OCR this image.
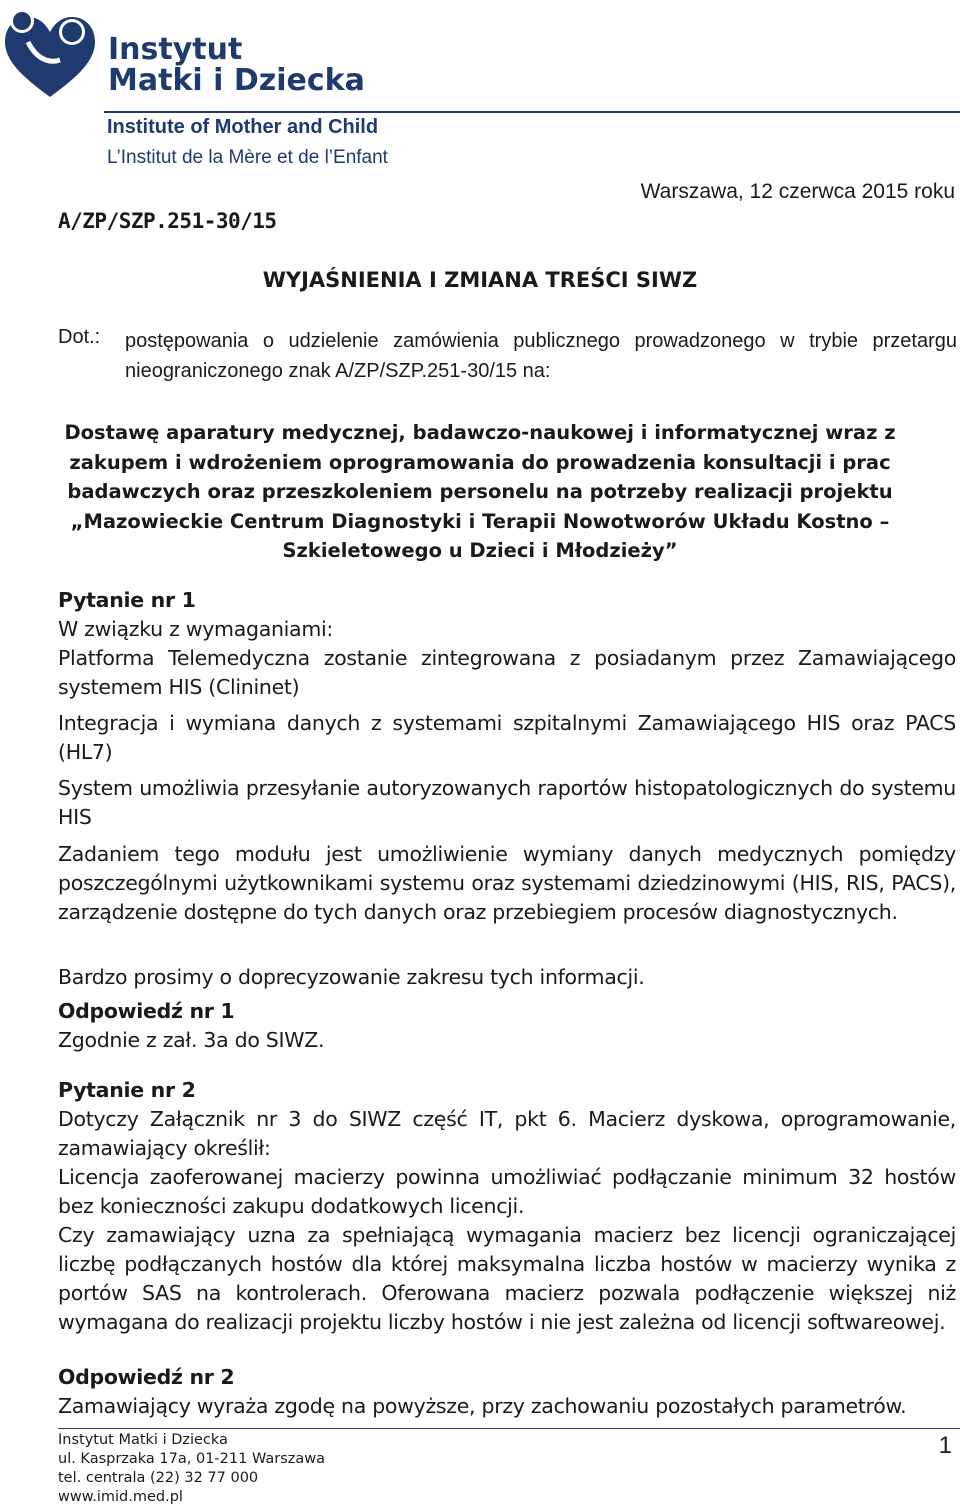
Instytut
Matki i Dziecka
Institute of Mother and Child
L’Institut de la Mère et de l’Enfant
Warszawa, 12 czerwca 2015 roku
A/ZP/SZP.251-30/15
WYJAŚNIENIA I ZMIANA TREŚCI SIWZ
Dot.: postępowania o udzielenie zamówienia publicznego prowadzonego w trybie przetargu nieograniczonego znak A/ZP/SZP.251-30/15 na:
Dostawę aparatury medycznej, badawczo-naukowej i informatycznej wraz z zakupem i wdrożeniem oprogramowania do prowadzenia konsultacji i prac badawczych oraz przeszkoleniem personelu na potrzeby realizacji projektu „Mazowieckie Centrum Diagnostyki i Terapii Nowotworów Układu Kostno –Szkieletowego u Dzieci i Młodzieży”
Pytanie nr 1
W związku z wymaganiami:
Platforma Telemedyczna zostanie zintegrowana z posiadanym przez Zamawiającego systemem HIS (Clininet)
Integracja i wymiana danych z systemami szpitalnymi Zamawiającego HIS oraz PACS (HL7)
System umożliwia przesyłanie autoryzowanych raportów histopatologicznych do systemu HIS
Zadaniem tego modułu jest umożliwienie wymiany danych medycznych pomiędzy poszczególnymi użytkownikami systemu oraz systemami dziedzinowymi (HIS, RIS, PACS), zarządzenie dostępne do tych danych oraz przebiegiem procesów diagnostycznych.
Bardzo prosimy o doprecyzowanie zakresu tych informacji.
Odpowiedź nr 1
Zgodnie z zał. 3a do SIWZ.
Pytanie nr 2
Dotyczy Załącznik nr 3 do SIWZ część IT, pkt 6. Macierz dyskowa, oprogramowanie, zamawiający określił:
Licencja zaoferowanej macierzy powinna umożliwiać podłączanie minimum 32 hostów bez konieczności zakupu dodatkowych licencji.
Czy zamawiający uzna za spełniającą wymagania macierz bez licencji ograniczającej liczbę podłączanych hostów dla której maksymalna liczba hostów w macierzy wynika z portów SAS na kontrolerach. Oferowana macierz pozwala podłączenie większej niż wymagana do realizacji projektu liczby hostów i nie jest zależna od licencji softwareowej.
Odpowiedź nr 2
Zamawiający wyraża zgodę na powyższe, przy zachowaniu pozostałych parametrów.
Instytut Matki i Dziecka
ul. Kasprzaka 17a, 01-211 Warszawa
tel. centrala (22) 32 77 000
www.imid.med.pl
1
